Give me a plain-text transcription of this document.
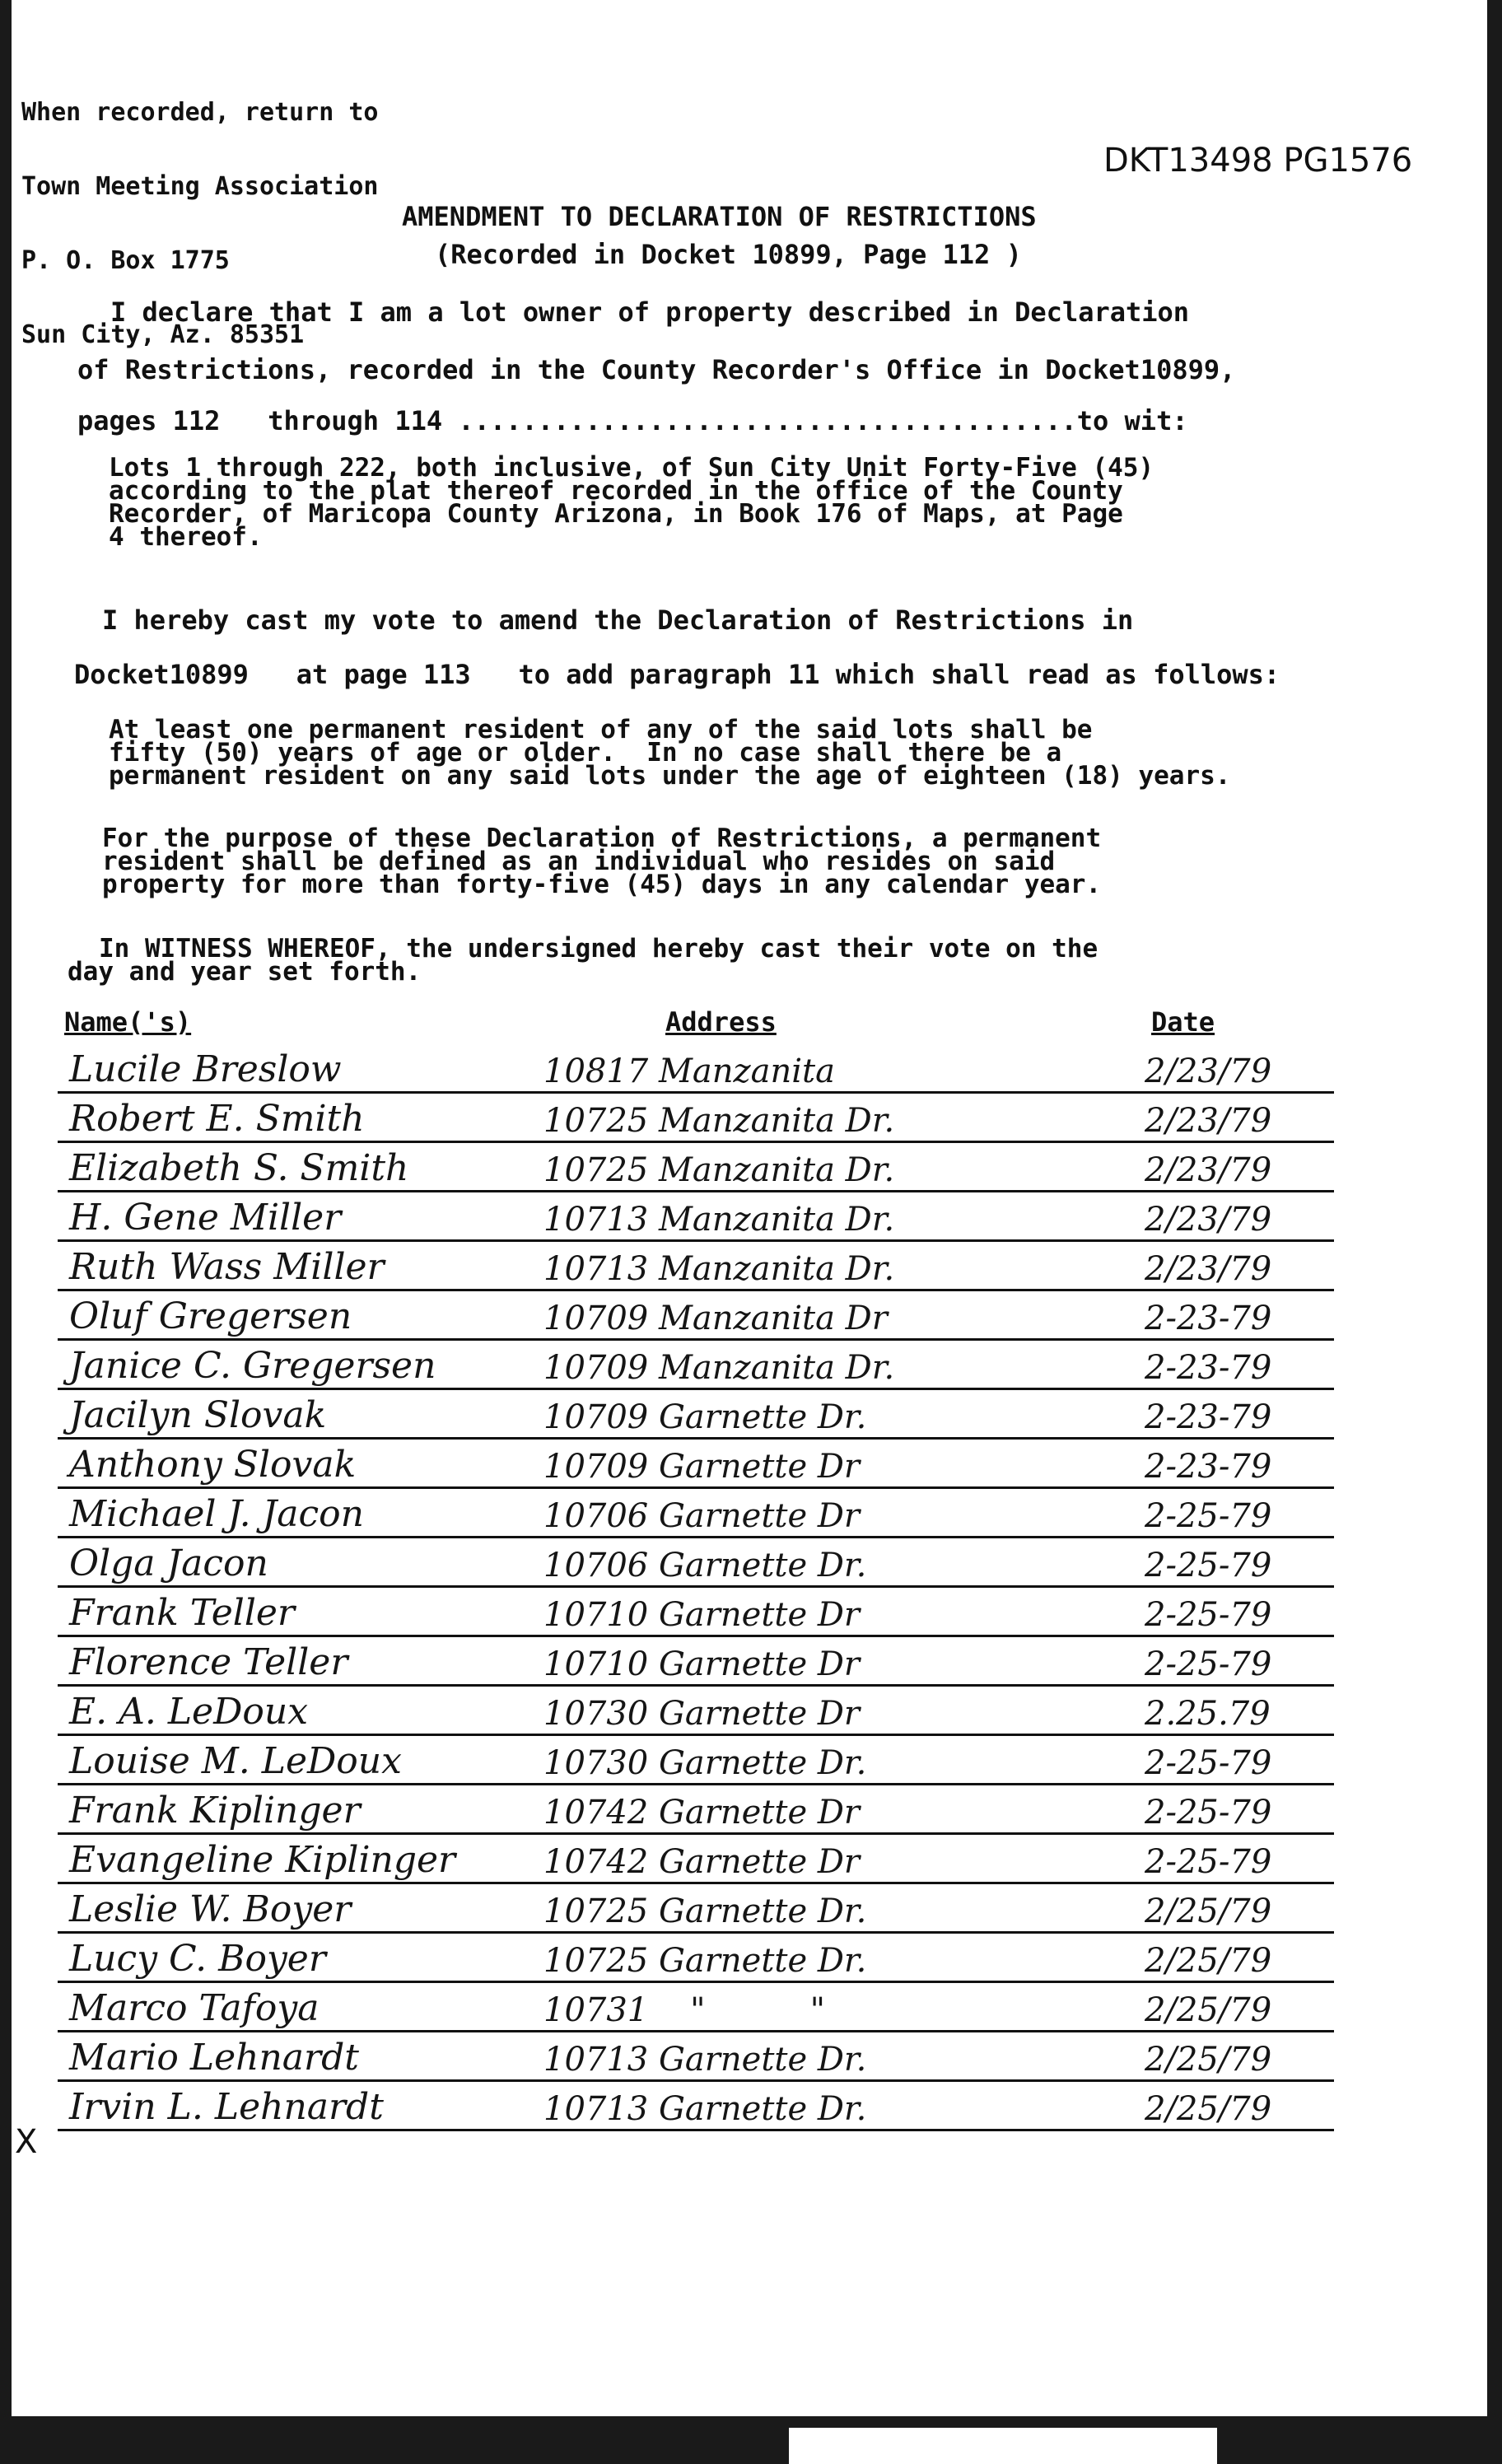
When recorded, return to

Town Meeting Association

P. O. Box 1775

Sun City, Az. 85351

DKT13498 PG1576
AMENDMENT TO DECLARATION OF RESTRICTIONS
(Recorded in Docket 10899, Page 112 )
I declare that I am a lot owner of property described in Declaration
of Restrictions, recorded in the County Recorder's Office in Docket10899,
pages 112   through 114 .......................................to wit:
Lots 1 through 222, both inclusive, of Sun City Unit Forty-Five (45)
according to the plat thereof recorded in the office of the County
Recorder, of Maricopa County Arizona, in Book 176 of Maps, at Page
4 thereof.
I hereby cast my vote to amend the Declaration of Restrictions in
Docket10899   at page 113   to add paragraph 11 which shall read as follows:
At least one permanent resident of any of the said lots shall be
fifty (50) years of age or older.  In no case shall there be a
permanent resident on any said lots under the age of eighteen (18) years.
For the purpose of these Declaration of Restrictions, a permanent
resident shall be defined as an individual who resides on said
property for more than forty-five (45) days in any calendar year.
In WITNESS WHEREOF, the undersigned hereby cast their vote on the
day and year set forth.
Name('s)	Address	Date
Lucile Breslow	10817 Manzanita	2/23/79
Robert E. Smith	10725 Manzanita Dr.	2/23/79
Elizabeth S. Smith	10725 Manzanita Dr.	2/23/79
H. Gene Miller	10713 Manzanita Dr.	2/23/79
Ruth Wass Miller	10713 Manzanita Dr.	2/23/79
Oluf Gregersen	10709 Manzanita Dr	2-23-79
Janice C. Gregersen	10709 Manzanita Dr.	2-23-79
Jacilyn Slovak	10709 Garnette Dr.	2-23-79
Anthony Slovak	10709 Garnette Dr	2-23-79
Michael J. Jacon	10706 Garnette Dr	2-25-79
Olga Jacon	10706 Garnette Dr.	2-25-79
Frank Teller	10710 Garnette Dr	2-25-79
Florence Teller	10710 Garnette Dr	2-25-79
E. A. LeDoux	10730 Garnette Dr	2.25.79
Louise M. LeDoux	10730 Garnette Dr.	2-25-79
Frank Kiplinger	10742 Garnette Dr	2-25-79
Evangeline Kiplinger	10742 Garnette Dr	2-25-79
Leslie W. Boyer	10725 Garnette Dr.	2/25/79
Lucy C. Boyer	10725 Garnette Dr.	2/25/79
Marco Tafoya	10731    "          "	2/25/79
Mario Lehnardt	10713 Garnette Dr.	2/25/79
Irvin L. Lehnardt	10713 Garnette Dr.	2/25/79
X
